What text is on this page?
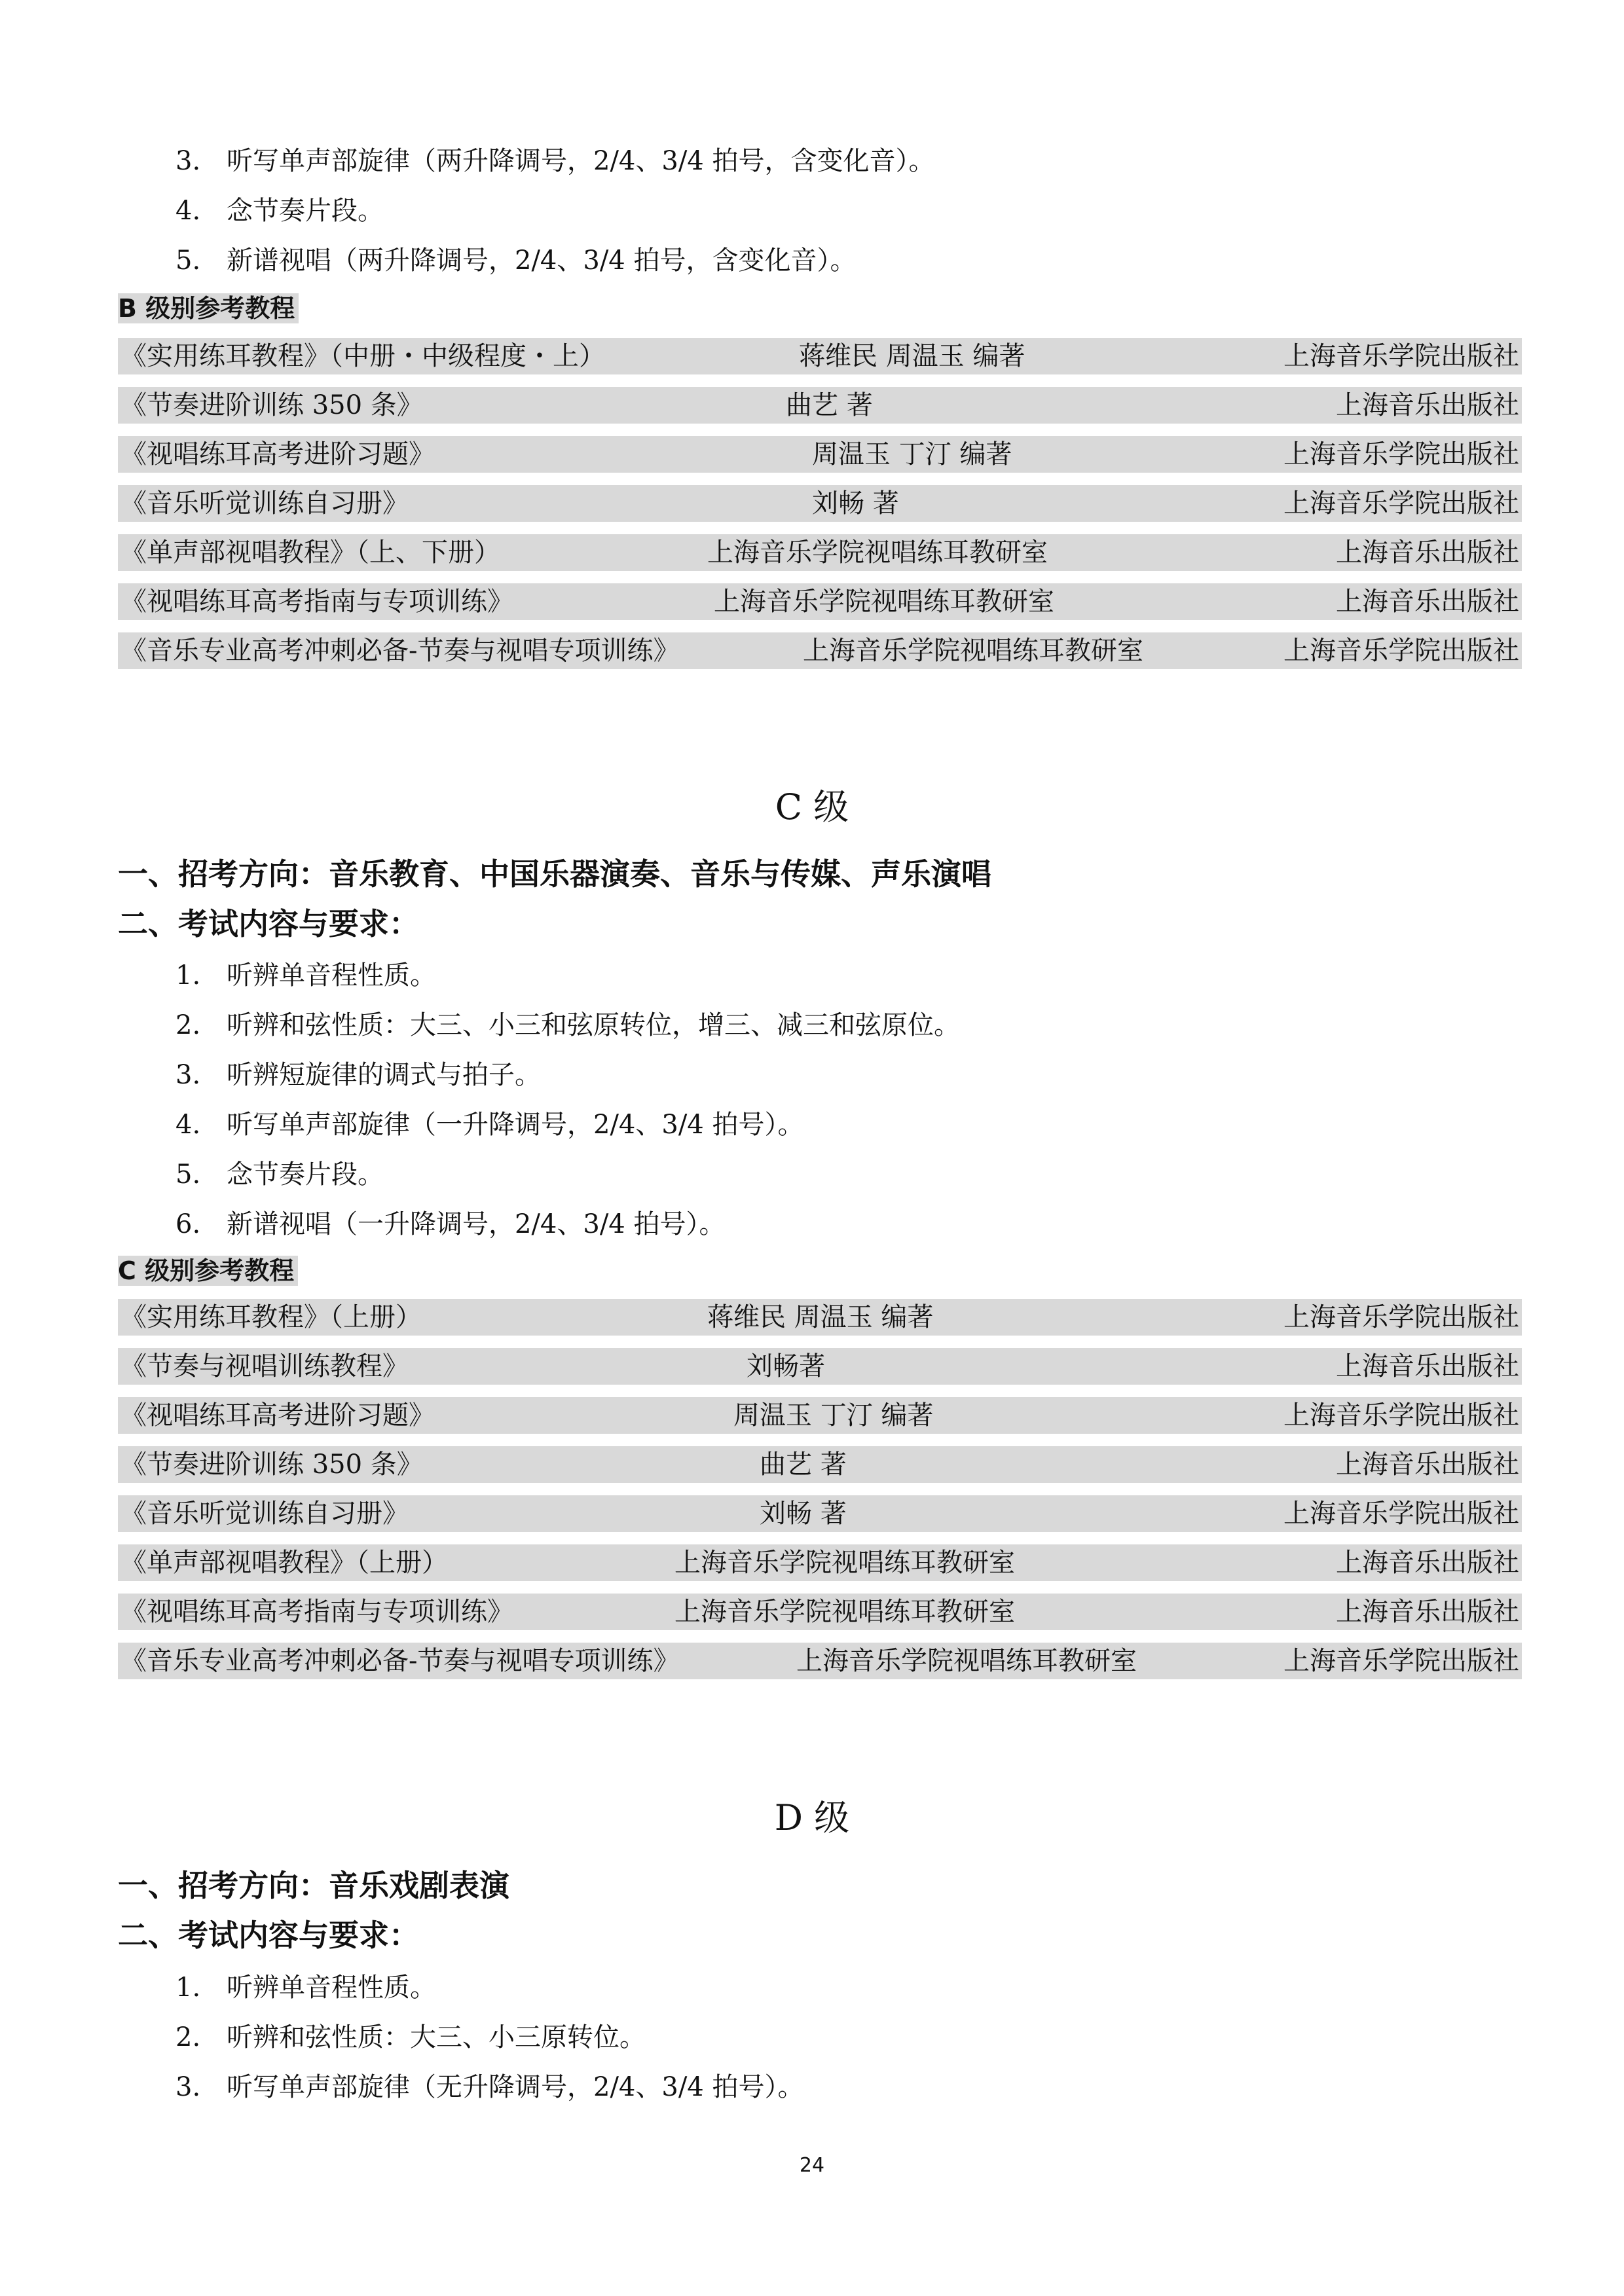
3. 听写单声部旋律（两升降调号，2/4、3/4 拍号，含变化音）。
4. 念节奏片段。
5. 新谱视唱（两升降调号，2/4、3/4 拍号，含变化音）。
B 级别参考教程
《实用练耳教程》（中册・中级程度・上）	蒋维民 周温玉 编著	上海音乐学院出版社
《节奏进阶训练 350 条》	曲艺 著	上海音乐出版社
《视唱练耳高考进阶习题》	周温玉 丁汀 编著	上海音乐学院出版社
《音乐听觉训练自习册》	刘畅 著	上海音乐学院出版社
《单声部视唱教程》（上、下册）	上海音乐学院视唱练耳教研室	上海音乐出版社
《视唱练耳高考指南与专项训练》	上海音乐学院视唱练耳教研室	上海音乐出版社
《音乐专业高考冲刺必备-节奏与视唱专项训练》	上海音乐学院视唱练耳教研室	上海音乐学院出版社
C 级
一、招考方向：音乐教育、中国乐器演奏、音乐与传媒、声乐演唱
二、考试内容与要求：
1. 听辨单音程性质。
2. 听辨和弦性质：大三、小三和弦原转位，增三、减三和弦原位。
3. 听辨短旋律的调式与拍子。
4. 听写单声部旋律（一升降调号，2/4、3/4 拍号）。
5. 念节奏片段。
6. 新谱视唱（一升降调号，2/4、3/4 拍号）。
C 级别参考教程
《实用练耳教程》（上册）	蒋维民 周温玉 编著	上海音乐学院出版社
《节奏与视唱训练教程》	刘畅著	上海音乐出版社
《视唱练耳高考进阶习题》	周温玉 丁汀 编著	上海音乐学院出版社
《节奏进阶训练 350 条》	曲艺 著	上海音乐出版社
《音乐听觉训练自习册》	刘畅 著	上海音乐学院出版社
《单声部视唱教程》（上册）	上海音乐学院视唱练耳教研室	上海音乐出版社
《视唱练耳高考指南与专项训练》	上海音乐学院视唱练耳教研室	上海音乐出版社
《音乐专业高考冲刺必备-节奏与视唱专项训练》	上海音乐学院视唱练耳教研室	上海音乐学院出版社
D 级
一、招考方向：音乐戏剧表演
二、考试内容与要求：
1. 听辨单音程性质。
2. 听辨和弦性质：大三、小三原转位。
3. 听写单声部旋律（无升降调号，2/4、3/4 拍号）。
24
